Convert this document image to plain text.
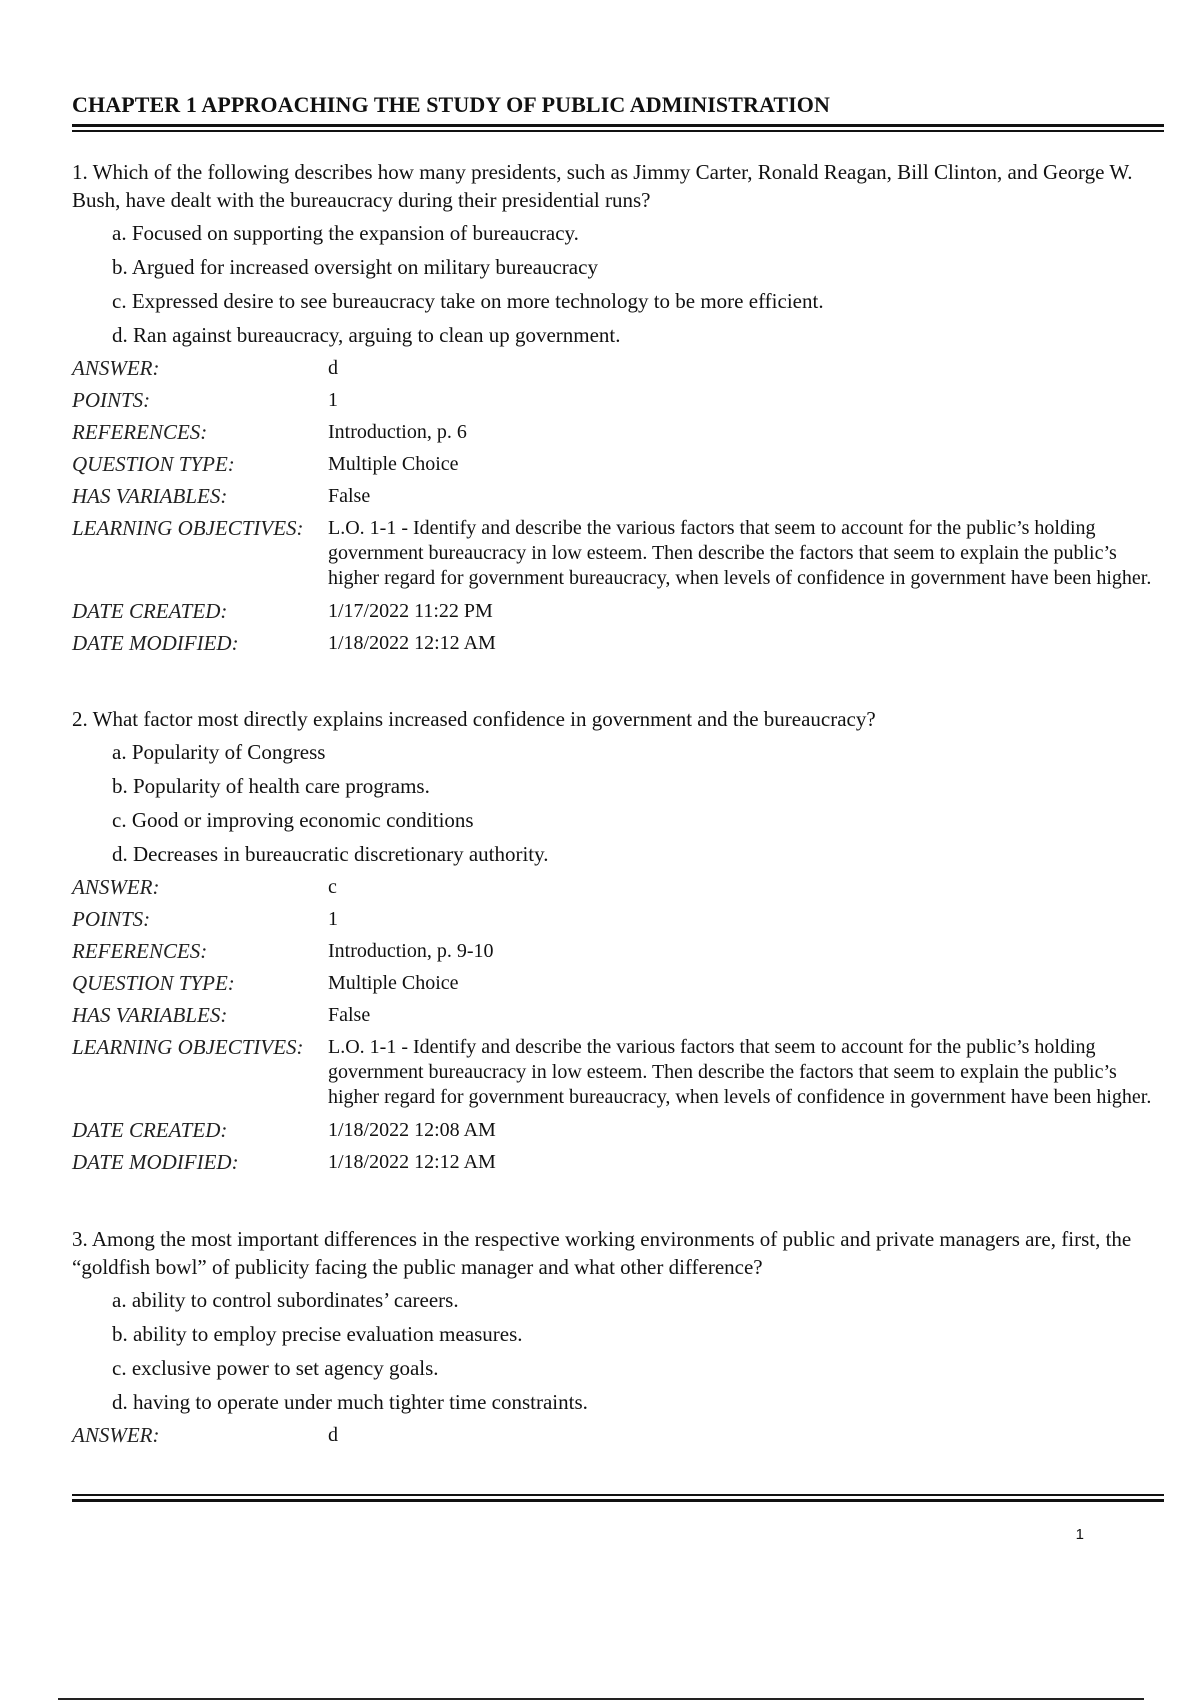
CHAPTER 1 APPROACHING THE STUDY OF PUBLIC ADMINISTRATION
1. Which of the following describes how many presidents, such as Jimmy Carter, Ronald Reagan, Bill Clinton, and George W. Bush, have dealt with the bureaucracy during their presidential runs?
a. Focused on supporting the expansion of bureaucracy.
b. Argued for increased oversight on military bureaucracy
c. Expressed desire to see bureaucracy take on more technology to be more efficient.
d. Ran against bureaucracy, arguing to clean up government.
ANSWER:	d
POINTS:	1
REFERENCES:	Introduction, p. 6
QUESTION TYPE:	Multiple Choice
HAS VARIABLES:	False
LEARNING OBJECTIVES:	L.O. 1-1 - Identify and describe the various factors that seem to account for the public’s holding government bureaucracy in low esteem. Then describe the factors that seem to explain the public’s higher regard for government bureaucracy, when levels of confidence in government have been higher.
DATE CREATED:	1/17/2022 11:22 PM
DATE MODIFIED:	1/18/2022 12:12 AM
2. What factor most directly explains increased confidence in government and the bureaucracy?
a. Popularity of Congress
b. Popularity of health care programs.
c. Good or improving economic conditions
d. Decreases in bureaucratic discretionary authority.
ANSWER:	c
POINTS:	1
REFERENCES:	Introduction, p. 9-10
QUESTION TYPE:	Multiple Choice
HAS VARIABLES:	False
LEARNING OBJECTIVES:	L.O. 1-1 - Identify and describe the various factors that seem to account for the public’s holding government bureaucracy in low esteem. Then describe the factors that seem to explain the public’s higher regard for government bureaucracy, when levels of confidence in government have been higher.
DATE CREATED:	1/18/2022 12:08 AM
DATE MODIFIED:	1/18/2022 12:12 AM
3. Among the most important differences in the respective working environments of public and private managers are, first, the “goldfish bowl” of publicity facing the public manager and what other difference?
a. ability to control subordinates’ careers.
b. ability to employ precise evaluation measures.
c. exclusive power to set agency goals.
d. having to operate under much tighter time constraints.
ANSWER:	d
1
